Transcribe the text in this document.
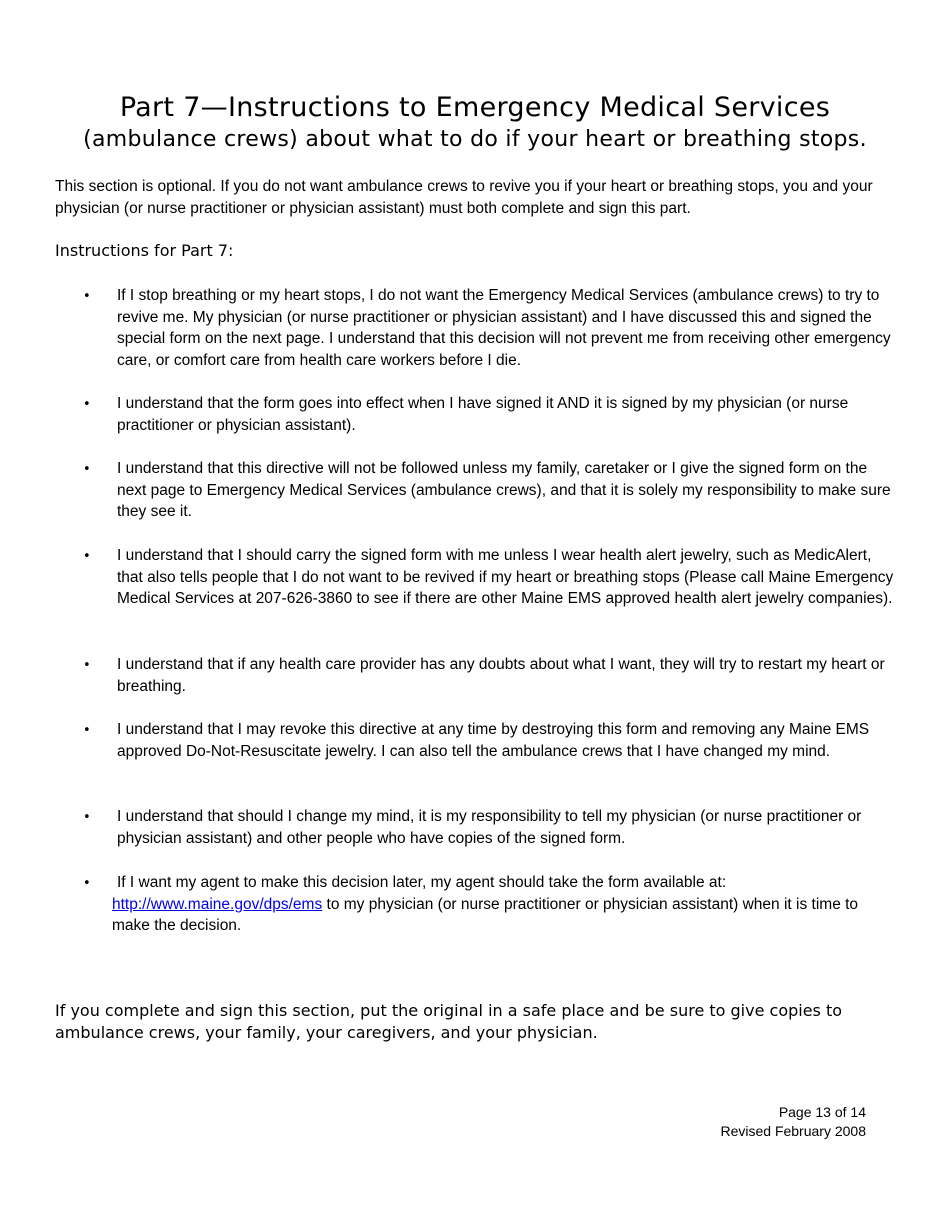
Part 7—Instructions to Emergency Medical Services
(ambulance crews) about what to do if your heart or breathing stops.

This section is optional. If you do not want ambulance crews to revive you if your heart or breathing stops, you and your physician (or nurse practitioner or physician assistant) must both complete and sign this part.

Instructions for Part 7:

• If I stop breathing or my heart stops, I do not want the Emergency Medical Services (ambulance crews) to try to revive me. My physician (or nurse practitioner or physician assistant) and I have discussed this and signed the special form on the next page. I understand that this decision will not prevent me from receiving other emergency care, or comfort care from health care workers before I die.

• I understand that the form goes into effect when I have signed it AND it is signed by my physician (or nurse practitioner or physician assistant).

• I understand that this directive will not be followed unless my family, caretaker or I give the signed form on the next page to Emergency Medical Services (ambulance crews), and that it is solely my responsibility to make sure they see it.

• I understand that I should carry the signed form with me unless I wear health alert jewelry, such as MedicAlert, that also tells people that I do not want to be revived if my heart or breathing stops (Please call Maine Emergency Medical Services at 207-626-3860 to see if there are other Maine EMS approved health alert jewelry companies).

• I understand that if any health care provider has any doubts about what I want, they will try to restart my heart or breathing.

• I understand that I may revoke this directive at any time by destroying this form and removing any Maine EMS approved Do-Not-Resuscitate jewelry. I can also tell the ambulance crews that I have changed my mind.

• I understand that should I change my mind, it is my responsibility to tell my physician (or nurse practitioner or physician assistant) and other people who have copies of the signed form.

•	If I want my agent to make this decision later, my agent should take the form available at:
http://www.maine.gov/dps/ems to my physician (or nurse practitioner or physician assistant) when it is time to make the decision.

If you complete and sign this section, put the original in a safe place and be sure to give copies to ambulance crews, your family, your caregivers, and your physician.

Page 13 of 14
Revised February 2008
